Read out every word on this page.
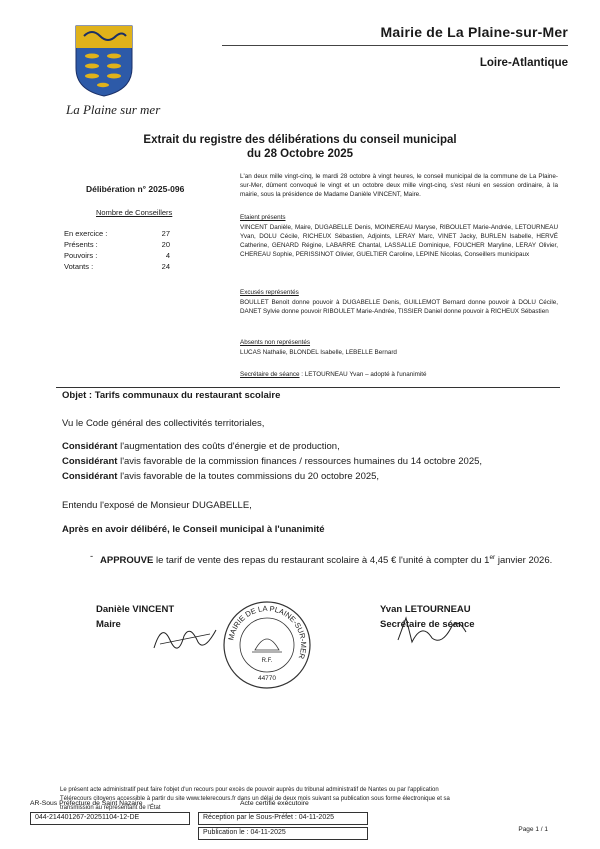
La Plaine sur mer
Mairie de La Plaine-sur-Mer
Loire-Atlantique
Extrait du registre des délibérations du conseil municipal
du 28 Octobre 2025
Délibération n° 2025-096
Nombre de Conseillers
En exercice :	27
Présents :	20
Pouvoirs :	4
Votants :	24
L'an deux mille vingt-cinq, le mardi 28 octobre à vingt heures, le conseil municipal de la commune de La Plaine-sur-Mer, dûment convoqué le vingt et un octobre deux mille vingt-cinq, s'est réuni en session ordinaire, à la mairie, sous la présidence de Madame Danièle VINCENT, Maire.
Etaient présents
VINCENT Danièle, Maire, DUGABELLE Denis, MOINEREAU Maryse, RIBOULET Marie-Andrée, LETOURNEAU Yvan, DOLU Cécile, RICHEUX Sébastien, Adjoints, LERAY Marc, VINET Jacky, BURLEN Isabelle, HERVÉ Catherine, GENARD Régine, LABARRE Chantal, LASSALLE Dominique, FOUCHER Maryline, LERAY Olivier, CHEREAU Sophie, PERISSINOT Olivier, GUELTIER Caroline, LEPINE Nicolas, Conseillers municipaux
Excusés représentés
BOULLET Benoit donne pouvoir à DUGABELLE Denis, GUILLEMOT Bernard donne pouvoir à DOLU Cécile, DANET Sylvie donne pouvoir RIBOULET Marie-Andrée, TISSIER Daniel donne pouvoir à RICHEUX Sébastien
Absents non représentés
LUCAS Nathalie, BLONDEL Isabelle, LEBELLE Bernard
Secrétaire de séance : LETOURNEAU Yvan – adopté à l'unanimité
Objet : Tarifs communaux du restaurant scolaire
Vu le Code général des collectivités territoriales,
Considérant l'augmentation des coûts d'énergie et de production,
Considérant l'avis favorable de la commission finances / ressources humaines du 14 octobre 2025,
Considérant l'avis favorable de la toutes commissions du 20 octobre 2025,
Entendu l'exposé de Monsieur DUGABELLE,
Après en avoir délibéré, le Conseil municipal à l'unanimité
- APPROUVE le tarif de vente des repas du restaurant scolaire à 4,45 € l'unité à compter du 1er janvier 2026.
Danièle VINCENT
Maire
Yvan LETOURNEAU
Secrétaire de séance
MAIRIE DE LA PLAINE-SUR-MER
R.F.
44770
Le présent acte administratif peut faire l'objet d'un recours pour excès de pouvoir auprès du tribunal administratif de Nantes ou par l'application
Télérecours citoyens accessible à partir du site www.telerecours.fr dans un délai de deux mois suivant sa publication sous forme électronique et sa
transmission au représentant de l'État
AR-Sous Préfecture de Saint Nazaire	Acte certifié exécutoire
044-214401267-20251104-12-DE	Réception par le Sous-Préfet : 04-11-2025
Publication le : 04-11-2025	Page 1 / 1
